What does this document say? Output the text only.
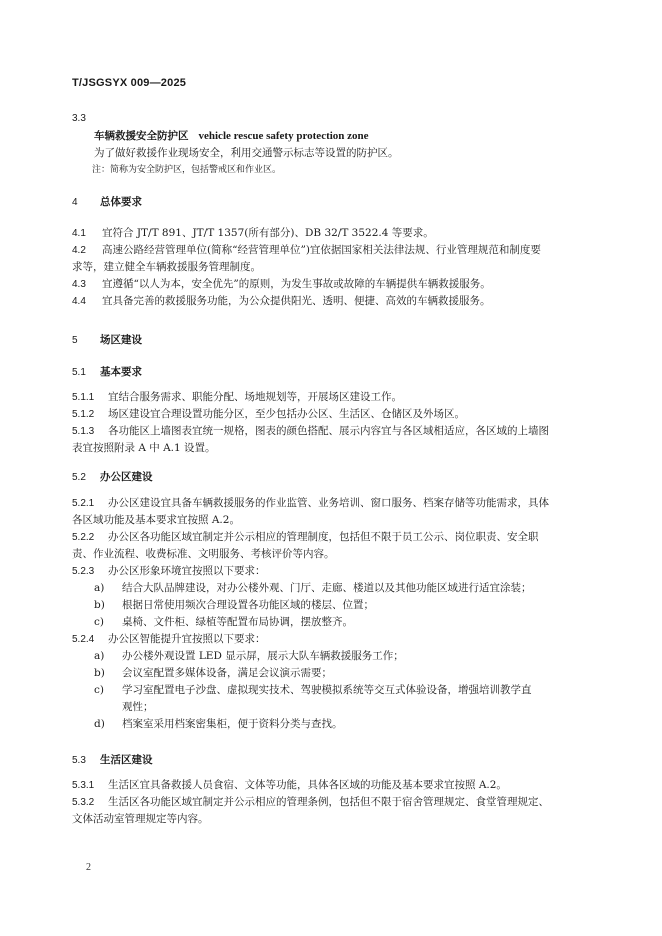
T/JSGSYX 009—2025
3.3
车辆救援安全防护区 vehicle rescue safety protection zone
为了做好救援作业现场安全，利用交通警示标志等设置的防护区。
注：简称为安全防护区，包括警戒区和作业区。
4 总体要求
4.1 宜符合 JT/T 891、JT/T 1357(所有部分)、DB 32/T 3522.4 等要求。
4.2 高速公路经营管理单位(简称“经营管理单位”)宜依据国家相关法律法规、行业管理规范和制度要
求等，建立健全车辆救援服务管理制度。
4.3 宜遵循“以人为本，安全优先”的原则，为发生事故或故障的车辆提供车辆救援服务。
4.4 宜具备完善的救援服务功能，为公众提供阳光、透明、便捷、高效的车辆救援服务。
5 场区建设
5.1 基本要求
5.1.1 宜结合服务需求、职能分配、场地规划等，开展场区建设工作。
5.1.2 场区建设宜合理设置功能分区，至少包括办公区、生活区、仓储区及外场区。
5.1.3 各功能区上墙图表宜统一规格，图表的颜色搭配、展示内容宜与各区域相适应，各区域的上墙图
表宜按照附录 A 中 A.1 设置。
5.2 办公区建设
5.2.1 办公区建设宜具备车辆救援服务的作业监管、业务培训、窗口服务、档案存储等功能需求，具体
各区域功能及基本要求宜按照 A.2。
5.2.2 办公区各功能区域宜制定并公示相应的管理制度，包括但不限于员工公示、岗位职责、安全职
责、作业流程、收费标准、文明服务、考核评价等内容。
5.2.3 办公区形象环境宜按照以下要求：
a) 结合大队品牌建设，对办公楼外观、门厅、走廊、楼道以及其他功能区域进行适宜涂装；
b) 根据日常使用频次合理设置各功能区域的楼层、位置；
c) 桌椅、文件柜、绿植等配置布局协调，摆放整齐。
5.2.4 办公区智能提升宜按照以下要求：
a) 办公楼外观设置 LED 显示屏，展示大队车辆救援服务工作；
b) 会议室配置多媒体设备，满足会议演示需要；
c) 学习室配置电子沙盘、虚拟现实技术、驾驶模拟系统等交互式体验设备，增强培训教学直
观性；
d) 档案室采用档案密集柜，便于资料分类与查找。
5.3 生活区建设
5.3.1 生活区宜具备救援人员食宿、文体等功能，具体各区域的功能及基本要求宜按照 A.2。
5.3.2 生活区各功能区域宜制定并公示相应的管理条例，包括但不限于宿舍管理规定、食堂管理规定、
文体活动室管理规定等内容。
2
